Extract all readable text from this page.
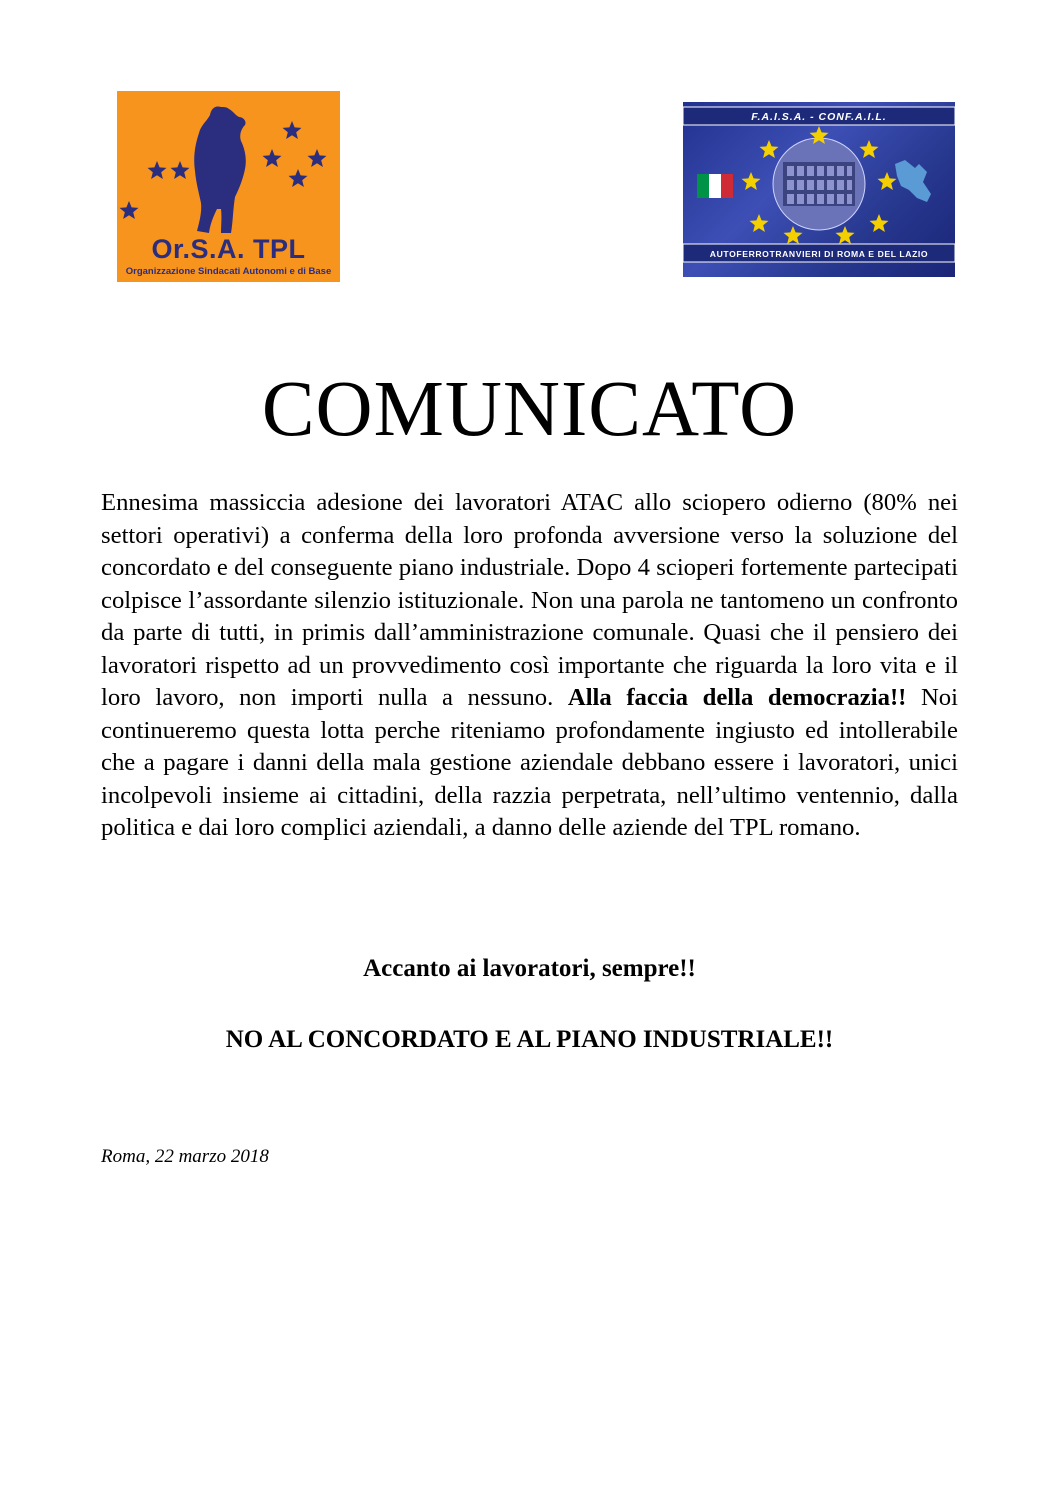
Or.S.A. TPL
Organizzazione Sindacati Autonomi e di Base
F.A.I.S.A. - CONF.A.I.L.
AUTOFERROTRANVIERI DI ROMA E DEL LAZIO
COMUNICATO

Ennesima massiccia adesione dei lavoratori ATAC allo sciopero odierno (80% nei settori operativi) a conferma della loro profonda avversione verso la soluzione del concordato e del conseguente piano industriale. Dopo 4 scioperi fortemente partecipati colpisce l’assordante silenzio istituzionale. Non una parola ne tantomeno un confronto da parte di tutti, in primis dall’amministrazione comunale. Quasi che il pensiero dei lavoratori rispetto ad un provvedimento così importante che riguarda la loro vita e il loro lavoro, non importi nulla a nessuno. Alla faccia della democrazia!! Noi continueremo questa lotta perche riteniamo profondamente ingiusto ed intollerabile che a pagare i danni della mala gestione aziendale debbano essere i lavoratori, unici incolpevoli insieme ai cittadini, della razzia perpetrata, nell’ultimo ventennio, dalla politica e dai loro complici aziendali, a danno delle aziende del TPL romano.

Accanto ai lavoratori, sempre!!
NO AL CONCORDATO E AL PIANO INDUSTRIALE!!
Roma, 22 marzo 2018
